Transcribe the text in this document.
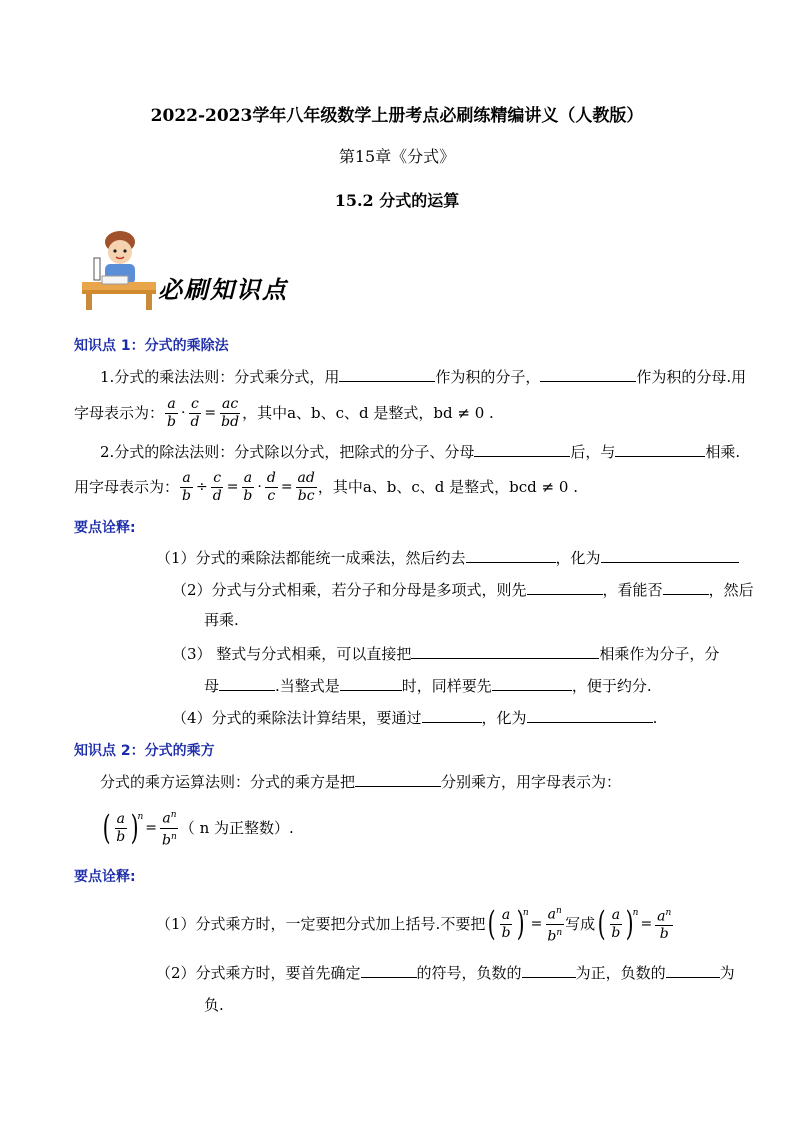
2022-2023学年八年级数学上册考点必刷练精编讲义（人教版）
第15章《分式》
15.2 分式的运算
必刷知识点
知识点 1：分式的乘除法
1.分式的乘法法则：分式乘分式，用	作为积的分子，	作为积的分母.用
字母表示为： $\frac{a}{b} \cdot \frac{c}{d} = \frac{ac}{bd}$ ，其中a、b、c、d 是整式，bd ≠ 0 .
2.分式的除法法则：分式除以分式，把除式的分子、分母	后，与	相乘.
用字母表示为： $\frac{a}{b} \div \frac{c}{d} = \frac{a}{b} \cdot \frac{d}{c} = \frac{ad}{bc}$ ，其中a、b、c、d 是整式，bcd ≠ 0 .
要点诠释:
（1）分式的乘除法都能统一成乘法，然后约去	，化为
（2）分式与分式相乘，若分子和分母是多项式，则先	，看能否	，然后
再乘.
（3） 整式与分式相乘，可以直接把	相乘作为分子，分
母	.当整式是	时，同样要先	，便于约分.
（4）分式的乘除法计算结果，要通过	，化为	.
知识点 2：分式的乘方
分式的乘方运算法则：分式的乘方是把	分别乘方，用字母表示为：
( $\frac{a}{b}$ )
n
= $\frac{a^n}{b^n}$ （ n 为正整数）.
要点诠释:
（1）分式乘方时，一定要把分式加上括号.不要把 ( $\frac{a}{b}$ )
n
= $\frac{a^n}{b^n}$ 写成 ( $\frac{a}{b}$ )
n
= $\frac{a^n}{b}$
（2）分式乘方时，要首先确定	的符号，负数的	为正，负数的	为
负.
